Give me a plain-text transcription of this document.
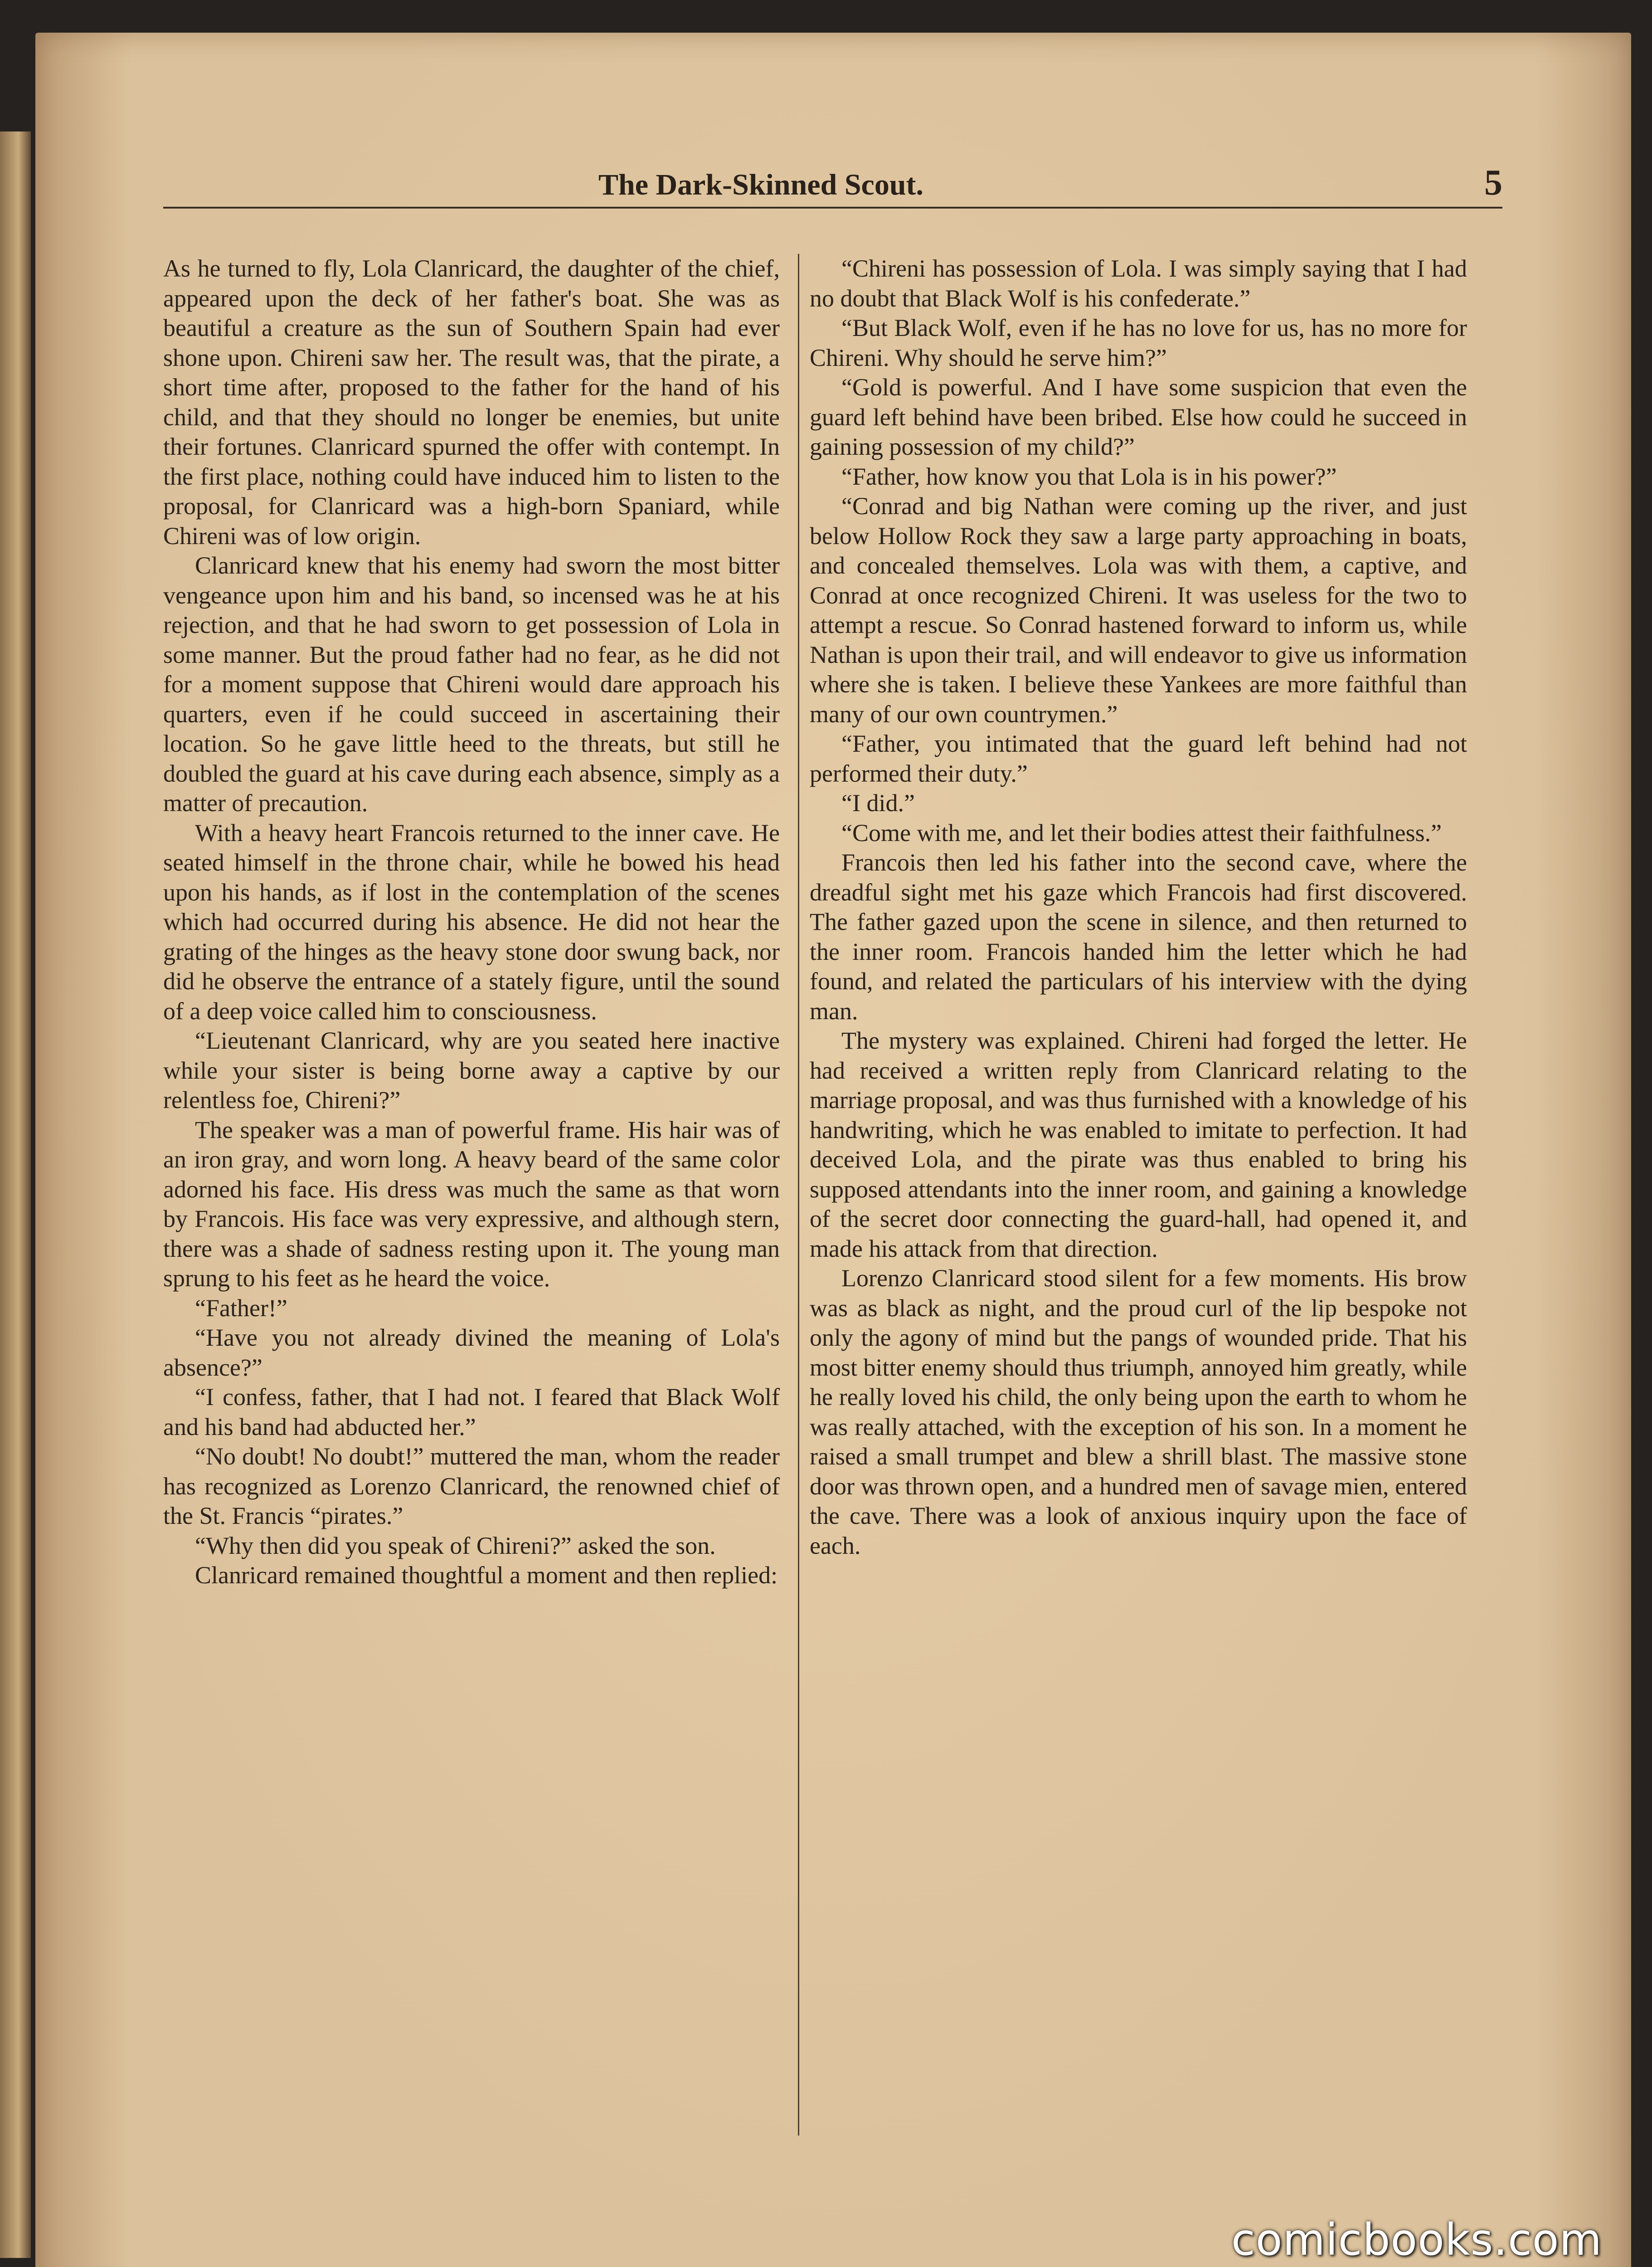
The Dark-Skinned Scout.	5

As he turned to fly, Lola Clanricard, the daughter of the chief, appeared upon the deck of her father's boat. She was as beautiful a creature as the sun of Southern Spain had ever shone upon. Chireni saw her. The result was, that the pirate, a short time after, proposed to the father for the hand of his child, and that they should no longer be enemies, but unite their fortunes. Clanricard spurned the offer with contempt. In the first place, nothing could have induced him to listen to the proposal, for Clanricard was a high-born Spaniard, while Chireni was of low origin.

Clanricard knew that his enemy had sworn the most bitter vengeance upon him and his band, so incensed was he at his rejection, and that he had sworn to get possession of Lola in some manner. But the proud father had no fear, as he did not for a moment suppose that Chireni would dare approach his quarters, even if he could succeed in ascertaining their location. So he gave little heed to the threats, but still he doubled the guard at his cave during each absence, simply as a matter of precaution.

With a heavy heart Francois returned to the inner cave. He seated himself in the throne chair, while he bowed his head upon his hands, as if lost in the contemplation of the scenes which had occurred during his absence. He did not hear the grating of the hinges as the heavy stone door swung back, nor did he observe the entrance of a stately figure, until the sound of a deep voice called him to consciousness.

“Lieutenant Clanricard, why are you seated here inactive while your sister is being borne away a captive by our relentless foe, Chireni?”

The speaker was a man of powerful frame. His hair was of an iron gray, and worn long. A heavy beard of the same color adorned his face. His dress was much the same as that worn by Francois. His face was very expressive, and although stern, there was a shade of sadness resting upon it. The young man sprung to his feet as he heard the voice.

“Father!”

“Have you not already divined the meaning of Lola's absence?”

“I confess, father, that I had not. I feared that Black Wolf and his band had abducted her.”

“No doubt! No doubt!” muttered the man, whom the reader has recognized as Lorenzo Clanricard, the renowned chief of the St. Francis “pirates.”

“Why then did you speak of Chireni?” asked the son.

Clanricard remained thoughtful a moment and then replied:

“Chireni has possession of Lola. I was simply saying that I had no doubt that Black Wolf is his confederate.”

“But Black Wolf, even if he has no love for us, has no more for Chireni. Why should he serve him?”

“Gold is powerful. And I have some suspicion that even the guard left behind have been bribed. Else how could he succeed in gaining possession of my child?”

“Father, how know you that Lola is in his power?”

“Conrad and big Nathan were coming up the river, and just below Hollow Rock they saw a large party approaching in boats, and concealed themselves. Lola was with them, a captive, and Conrad at once recognized Chireni. It was useless for the two to attempt a rescue. So Conrad hastened forward to inform us, while Nathan is upon their trail, and will endeavor to give us information where she is taken. I believe these Yankees are more faithful than many of our own countrymen.”

“Father, you intimated that the guard left behind had not performed their duty.”

“I did.”

“Come with me, and let their bodies attest their faithfulness.”

Francois then led his father into the second cave, where the dreadful sight met his gaze which Francois had first discovered. The father gazed upon the scene in silence, and then returned to the inner room. Francois handed him the letter which he had found, and related the particulars of his interview with the dying man.

The mystery was explained. Chireni had forged the letter. He had received a written reply from Clanricard relating to the marriage proposal, and was thus furnished with a knowledge of his handwriting, which he was enabled to imitate to perfection. It had deceived Lola, and the pirate was thus enabled to bring his supposed attendants into the inner room, and gaining a knowledge of the secret door connecting the guard-hall, had opened it, and made his attack from that direction.

Lorenzo Clanricard stood silent for a few moments. His brow was as black as night, and the proud curl of the lip bespoke not only the agony of mind but the pangs of wounded pride. That his most bitter enemy should thus triumph, annoyed him greatly, while he really loved his child, the only being upon the earth to whom he was really attached, with the exception of his son. In a moment he raised a small trumpet and blew a shrill blast. The massive stone door was thrown open, and a hundred men of savage mien, entered the cave. There was a look of anxious inquiry upon the face of each.

comicbooks.com
